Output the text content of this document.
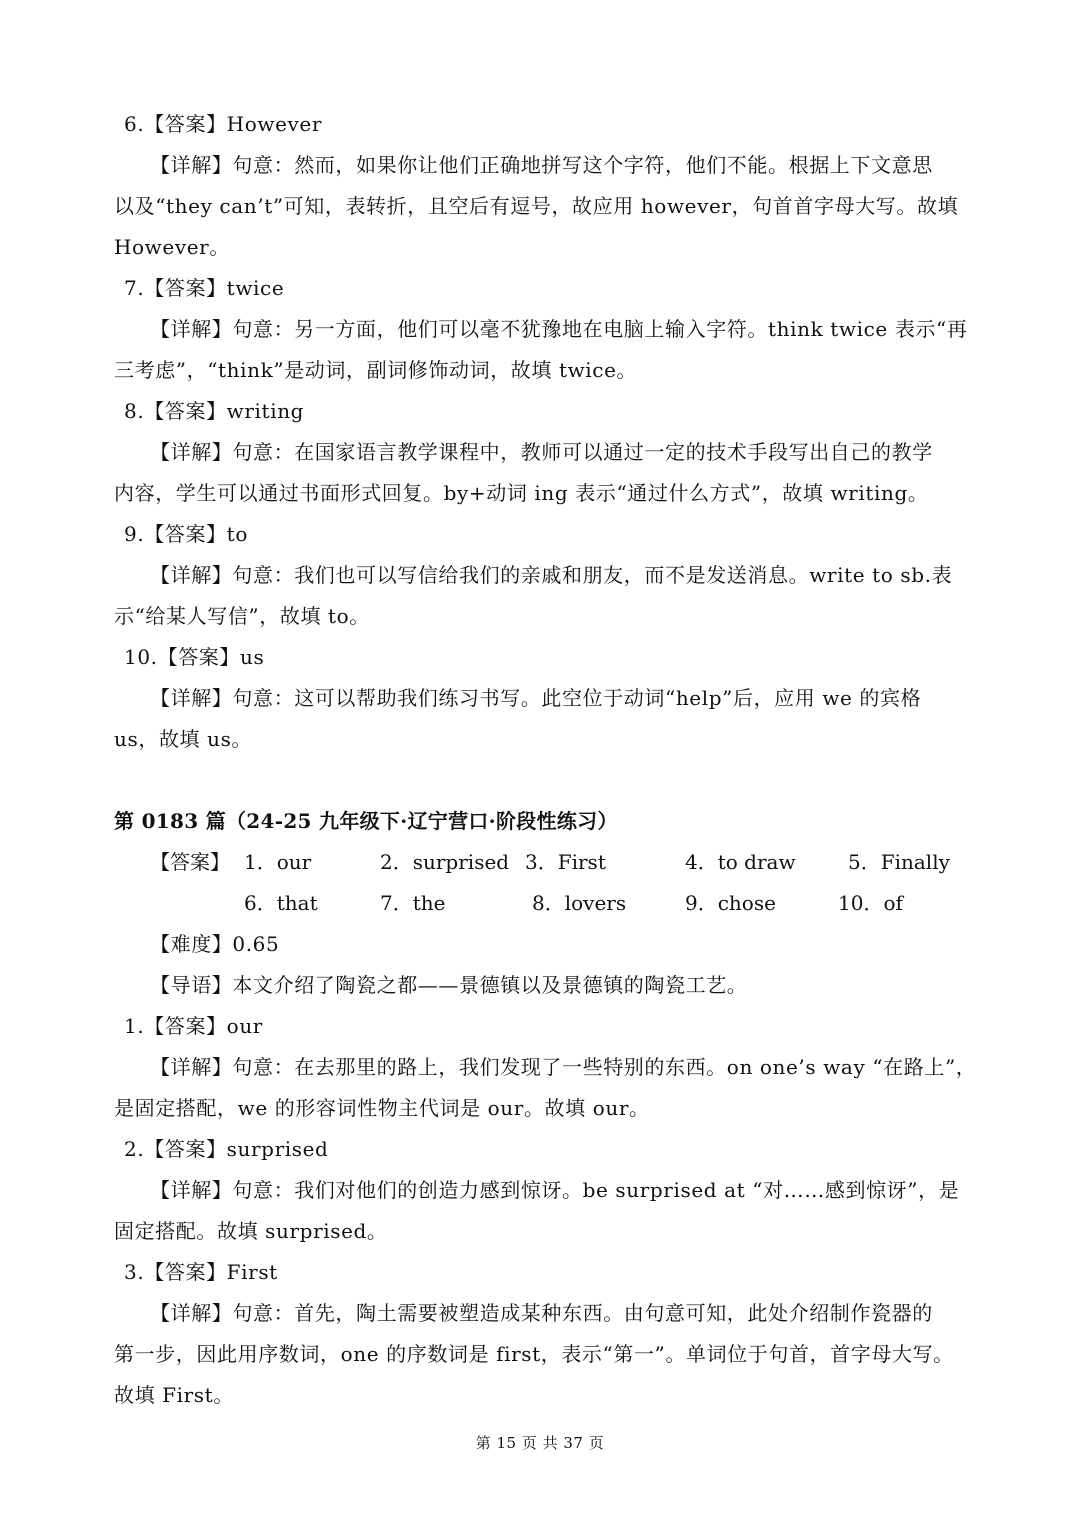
6.【答案】However
【详解】句意：然而，如果你让他们正确地拼写这个字符，他们不能。根据上下文意思
以及“they can’t”可知，表转折，且空后有逗号，故应用 however，句首首字母大写。故填
However。
7.【答案】twice
【详解】句意：另一方面，他们可以毫不犹豫地在电脑上输入字符。think twice 表示“再
三考虑”，“think”是动词，副词修饰动词，故填 twice。
8.【答案】writing
【详解】句意：在国家语言教学课程中，教师可以通过一定的技术手段写出自己的教学
内容，学生可以通过书面形式回复。by+动词 ing 表示“通过什么方式”，故填 writing。
9.【答案】to
【详解】句意：我们也可以写信给我们的亲戚和朋友，而不是发送消息。write to sb.表
示“给某人写信”，故填 to。
10.【答案】us
【详解】句意：这可以帮助我们练习书写。此空位于动词“help”后，应用 we 的宾格
us，故填 us。
第 0183 篇（24-25 九年级下·辽宁营口·阶段性练习）
【答案】 1．our	2．surprised 3．First	4．to draw	5．Finally
6．that	7．the	8．lovers	9．chose	10．of
【难度】0.65
【导语】本文介绍了陶瓷之都——景德镇以及景德镇的陶瓷工艺。
1.【答案】our
【详解】句意：在去那里的路上，我们发现了一些特别的东西。on one’s way “在路上”，
是固定搭配，we 的形容词性物主代词是 our。故填 our。
2.【答案】surprised
【详解】句意：我们对他们的创造力感到惊讶。be surprised at “对……感到惊讶”，是
固定搭配。故填 surprised。
3.【答案】First
【详解】句意：首先，陶土需要被塑造成某种东西。由句意可知，此处介绍制作瓷器的
第一步，因此用序数词，one 的序数词是 first，表示“第一”。单词位于句首，首字母大写。
故填 First。
第 15 页 共 37 页
